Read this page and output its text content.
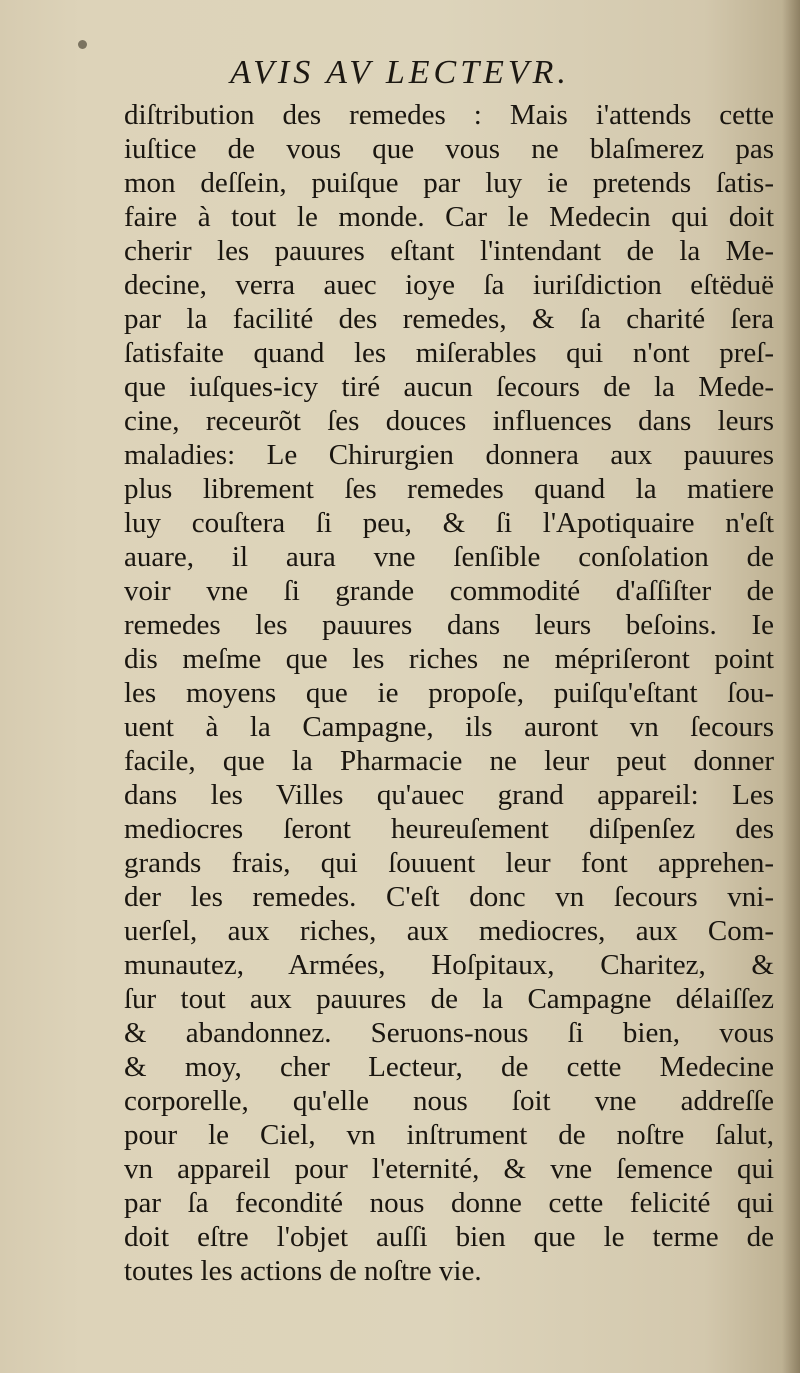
AVIS AV LECTEVR.
diſtribution des remedes : Mais i'attends cette
iuſtice de vous que vous ne blaſmerez pas
mon deſſein, puiſque par luy ie pretends ſatis-
faire à tout le monde. Car le Medecin qui doit
cherir les pauures eſtant l'intendant de la Me-
decine, verra auec ioye ſa iuriſdiction eſtëduë
par la facilité des remedes, & ſa charité ſera
ſatisfaite quand les miſerables qui n'ont preſ-
que iuſques-icy tiré aucun ſecours de la Mede-
cine, receurõt ſes douces influences dans leurs
maladies: Le Chirurgien donnera aux pauures
plus librement ſes remedes quand la matiere
luy couſtera ſi peu, & ſi l'Apotiquaire n'eſt
auare, il aura vne ſenſible conſolation de
voir vne ſi grande commodité d'aſſiſter de
remedes les pauures dans leurs beſoins. Ie
dis meſme que les riches ne mépriſeront point
les moyens que ie propoſe, puiſqu'eſtant ſou-
uent à la Campagne, ils auront vn ſecours
facile, que la Pharmacie ne leur peut donner
dans les Villes qu'auec grand appareil: Les
mediocres ſeront heureuſement diſpenſez des
grands frais, qui ſouuent leur font apprehen-
der les remedes. C'eſt donc vn ſecours vni-
uerſel, aux riches, aux mediocres, aux Com-
munautez, Armées, Hoſpitaux, Charitez, &
ſur tout aux pauures de la Campagne délaiſſez
& abandonnez. Seruons-nous ſi bien, vous
& moy, cher Lecteur, de cette Medecine
corporelle, qu'elle nous ſoit vne addreſſe
pour le Ciel, vn inſtrument de noſtre ſalut,
vn appareil pour l'eternité, & vne ſemence qui
par ſa fecondité nous donne cette felicité qui
doit eſtre l'objet auſſi bien que le terme de
toutes les actions de noſtre vie.
